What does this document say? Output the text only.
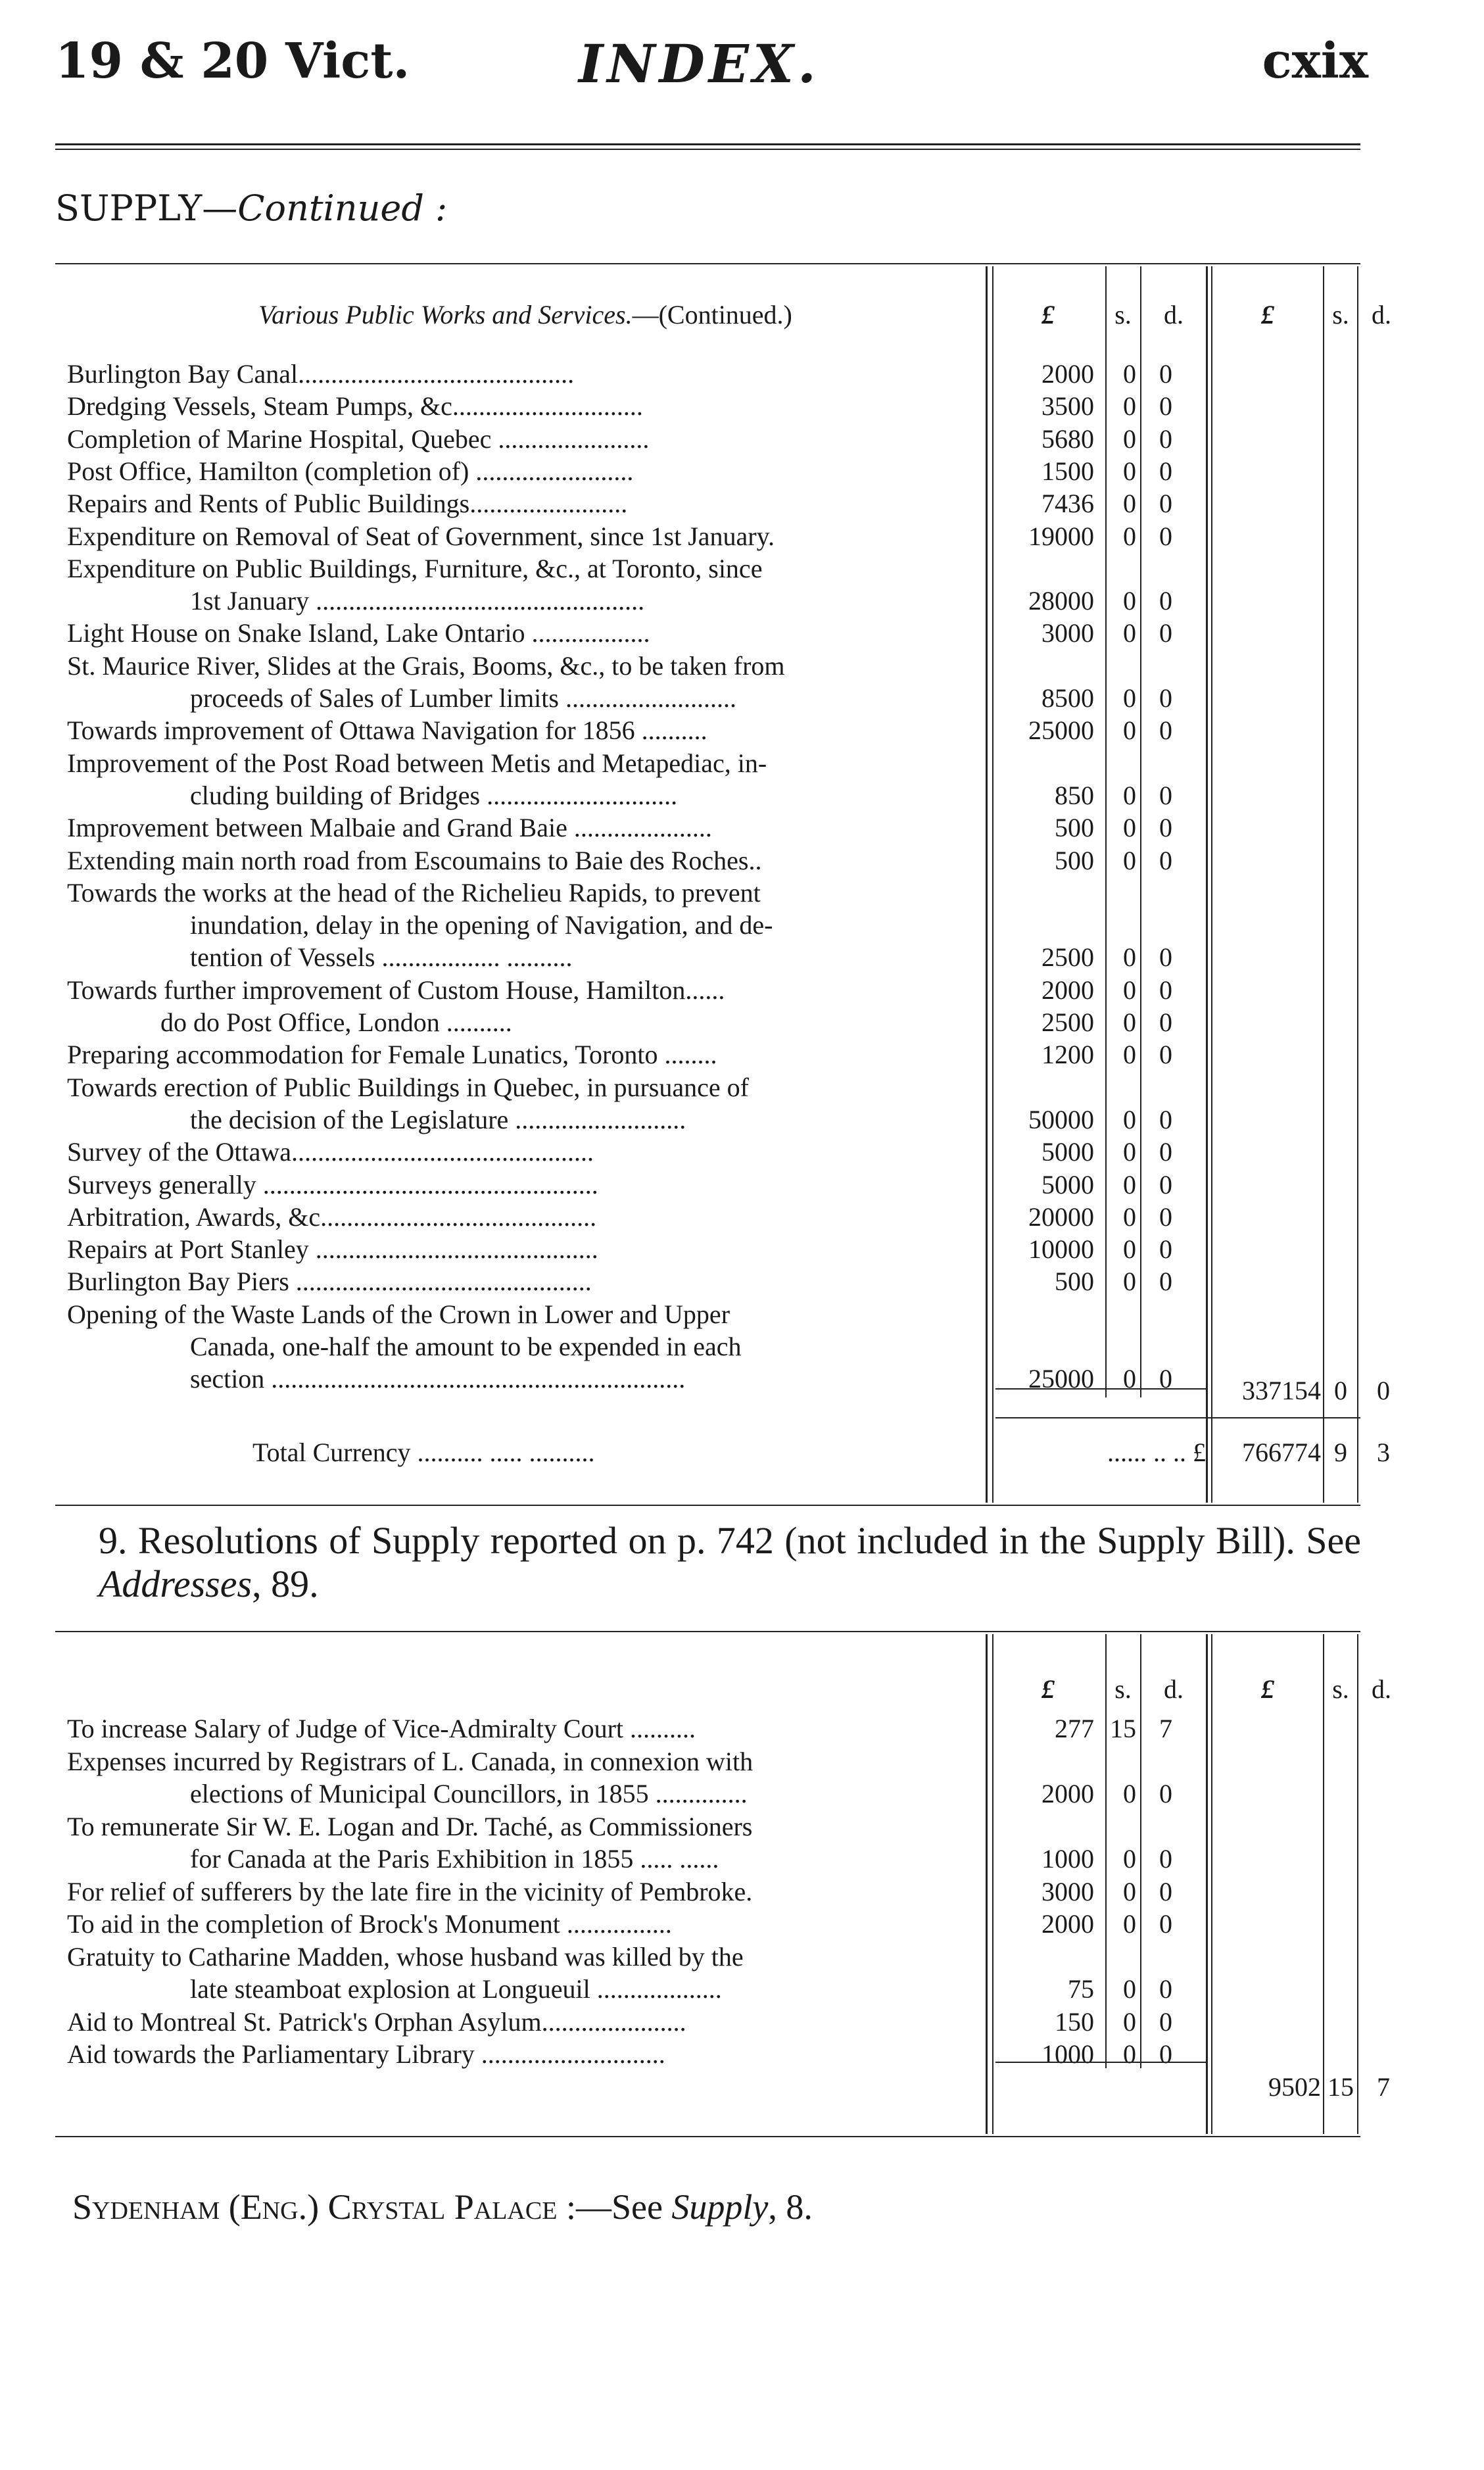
19 & 20 Vict.	INDEX.	cxix
SUPPLY—Continued :
Various Public Works and Services.—(Continued.)	£	s.	d.	£	s. d.
Burlington Bay Canal..........................................	2000	0 0
Dredging Vessels, Steam Pumps, &c.............................	3500	0 0
Completion of Marine Hospital, Quebec .......................	5680	0 0
Post Office, Hamilton (completion of) ........................	1500	0 0
Repairs and Rents of Public Buildings........................	7436	0 0
Expenditure on Removal of Seat of Government, since 1st January.	19000	0 0
Expenditure on Public Buildings, Furniture, &c., at Toronto, since
1st January ..................................................	28000	0 0
Light House on Snake Island, Lake Ontario ..................	3000	0 0
St. Maurice River, Slides at the Grais, Booms, &c., to be taken from
proceeds of Sales of Lumber limits ..........................	8500	0 0
Towards improvement of Ottawa Navigation for 1856 ..........	25000	0 0
Improvement of the Post Road between Metis and Metapediac, in-
cluding building of Bridges .............................	850	0 0
Improvement between Malbaie and Grand Baie .....................	500	0 0
Extending main north road from Escoumains to Baie des Roches..	500	0 0
Towards the works at the head of the Richelieu Rapids, to prevent
inundation, delay in the opening of Navigation, and de-
tention of Vessels .................. ..........	2500	0 0
Towards further improvement of Custom House, Hamilton......	2000	0 0
do do Post Office, London ..........	2500	0 0
Preparing accommodation for Female Lunatics, Toronto ........	1200	0 0
Towards erection of Public Buildings in Quebec, in pursuance of
the decision of the Legislature ..........................	50000	0 0
Survey of the Ottawa..............................................	5000	0 0
Surveys generally ...................................................	5000	0 0
Arbitration, Awards, &c..........................................	20000	0 0
Repairs at Port Stanley ...........................................	10000	0 0
Burlington Bay Piers .............................................	500	0 0
Opening of the Waste Lands of the Crown in Lower and Upper
Canada, one-half the amount to be expended in each
section ...............................................................	25000	0 0	337154 0	0
Total Currency .......... ..... ..........	...... .. .. £	766774 9	3
9. Resolutions of Supply reported on p. 742 (not included in the Supply Bill). See Addresses, 89.
£	s.	d.	£	s. d.
To increase Salary of Judge of Vice-Admiralty Court ..........	277 15 7
Expenses incurred by Registrars of L. Canada, in connexion with
elections of Municipal Councillors, in 1855 ..............	2000	0 0
To remunerate Sir W. E. Logan and Dr. Taché, as Commissioners
for Canada at the Paris Exhibition in 1855 ..... ......	1000	0 0
For relief of sufferers by the late fire in the vicinity of Pembroke.	3000	0 0
To aid in the completion of Brock's Monument ................	2000	0 0
Gratuity to Catharine Madden, whose husband was killed by the
late steamboat explosion at Longueuil ...................	75	0 0
Aid to Montreal St. Patrick's Orphan Asylum......................	150	0 0
Aid towards the Parliamentary Library ............................	1000	0 0
9502 15 7
Sydenham (Eng.) Crystal Palace :—See Supply, 8.
